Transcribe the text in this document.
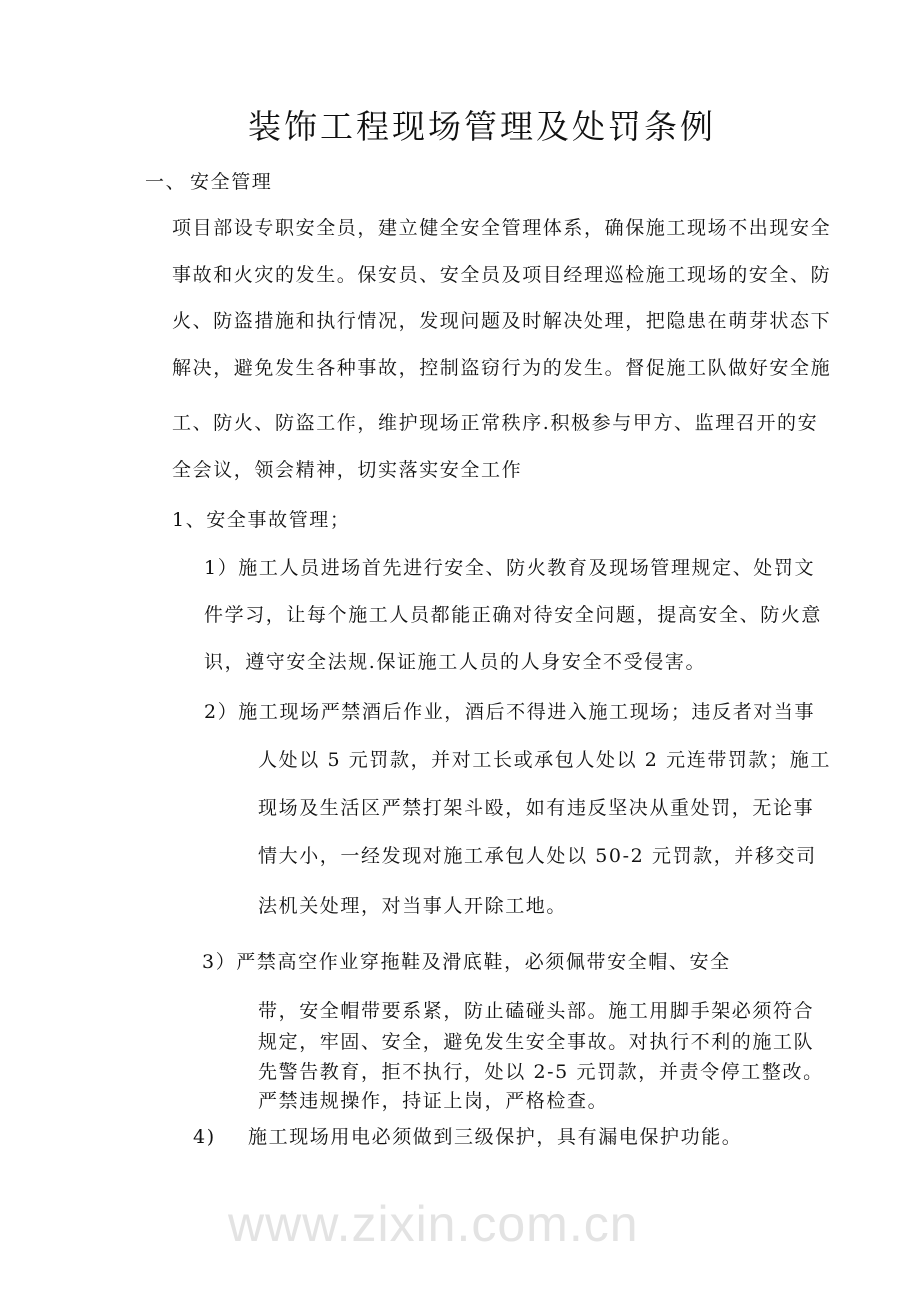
装饰工程现场管理及处罚条例
一、 安全管理
项目部设专职安全员，建立健全安全管理体系，确保施工现场不出现安全
事故和火灾的发生。保安员、安全员及项目经理巡检施工现场的安全、防
火、防盗措施和执行情况，发现问题及时解决处理，把隐患在萌芽状态下
解决，避免发生各种事故，控制盗窃行为的发生。督促施工队做好安全施
工、防火、防盗工作，维护现场正常秩序.积极参与甲方、监理召开的安
全会议，领会精神，切实落实安全工作
1、安全事故管理；
1）施工人员进场首先进行安全、防火教育及现场管理规定、处罚文
件学习，让每个施工人员都能正确对待安全问题，提高安全、防火意
识，遵守安全法规.保证施工人员的人身安全不受侵害。
2）施工现场严禁酒后作业，酒后不得进入施工现场；违反者对当事
人处以 5 元罚款，并对工长或承包人处以 2 元连带罚款；施工
现场及生活区严禁打架斗殴，如有违反坚决从重处罚，无论事
情大小，一经发现对施工承包人处以 50-2 元罚款，并移交司
法机关处理，对当事人开除工地。
3）严禁高空作业穿拖鞋及滑底鞋，必须佩带安全帽、安全
带，安全帽带要系紧，防止磕碰头部。施工用脚手架必须符合
规定，牢固、安全，避免发生安全事故。对执行不利的施工队
先警告教育，拒不执行，处以 2-5 元罚款，并责令停工整改。
严禁违规操作，持证上岗，严格检查。
4) 施工现场用电必须做到三级保护，具有漏电保护功能。
www.zixin.com.cn
